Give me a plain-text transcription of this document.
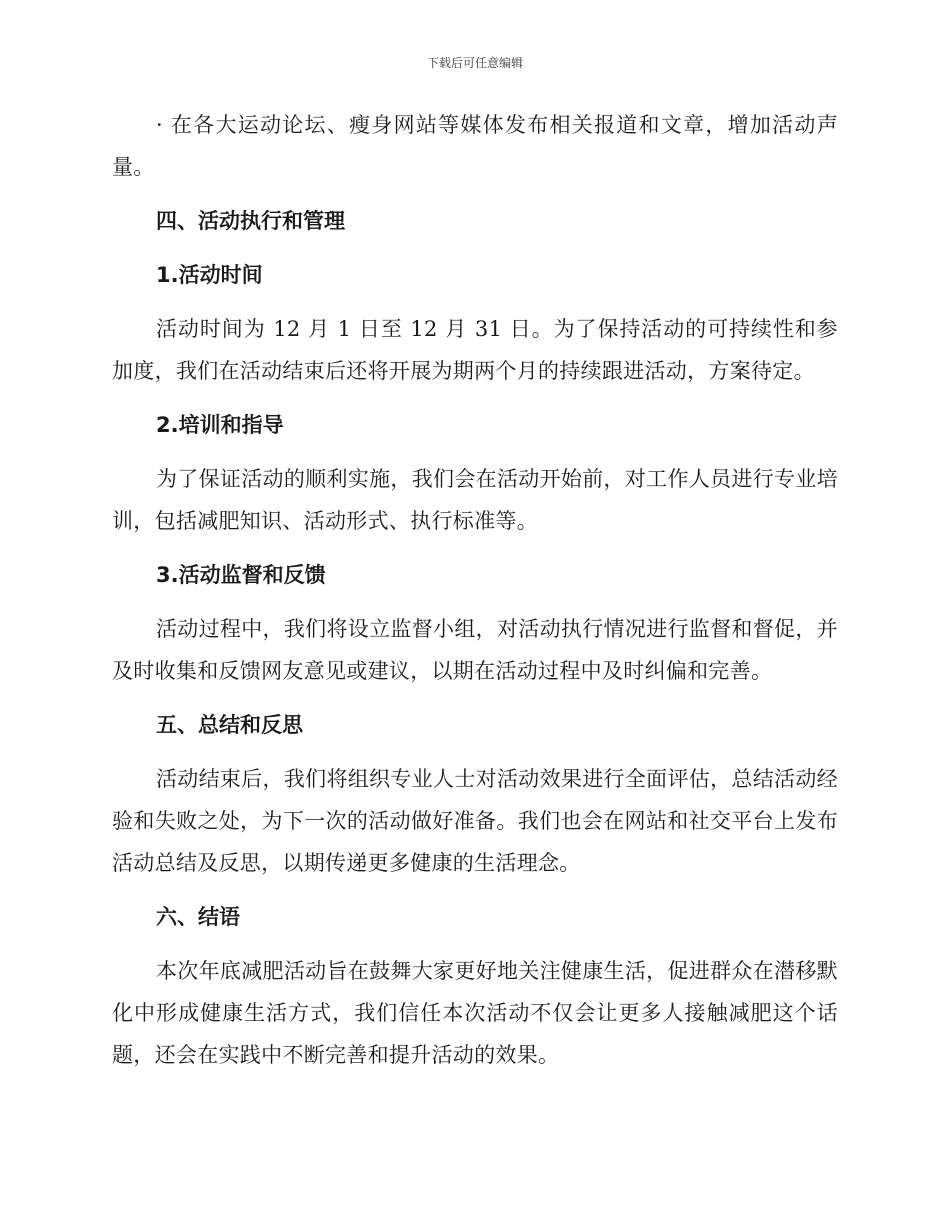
下载后可任意编辑

· 在各大运动论坛、瘦身网站等媒体发布相关报道和文章，增加活动声量。

四、活动执行和管理
1.活动时间

活动时间为 12 月 1 日至 12 月 31 日。为了保持活动的可持续性和参加度，我们在活动结束后还将开展为期两个月的持续跟进活动，方案待定。

2.培训和指导

为了保证活动的顺利实施，我们会在活动开始前，对工作人员进行专业培训，包括减肥知识、活动形式、执行标准等。

3.活动监督和反馈

活动过程中，我们将设立监督小组，对活动执行情况进行监督和督促，并及时收集和反馈网友意见或建议，以期在活动过程中及时纠偏和完善。

五、总结和反思

活动结束后，我们将组织专业人士对活动效果进行全面评估，总结活动经验和失败之处，为下一次的活动做好准备。我们也会在网站和社交平台上发布活动总结及反思，以期传递更多健康的生活理念。

六、结语

本次年底减肥活动旨在鼓舞大家更好地关注健康生活，促进群众在潜移默化中形成健康生活方式，我们信任本次活动不仅会让更多人接触减肥这个话题，还会在实践中不断完善和提升活动的效果。
